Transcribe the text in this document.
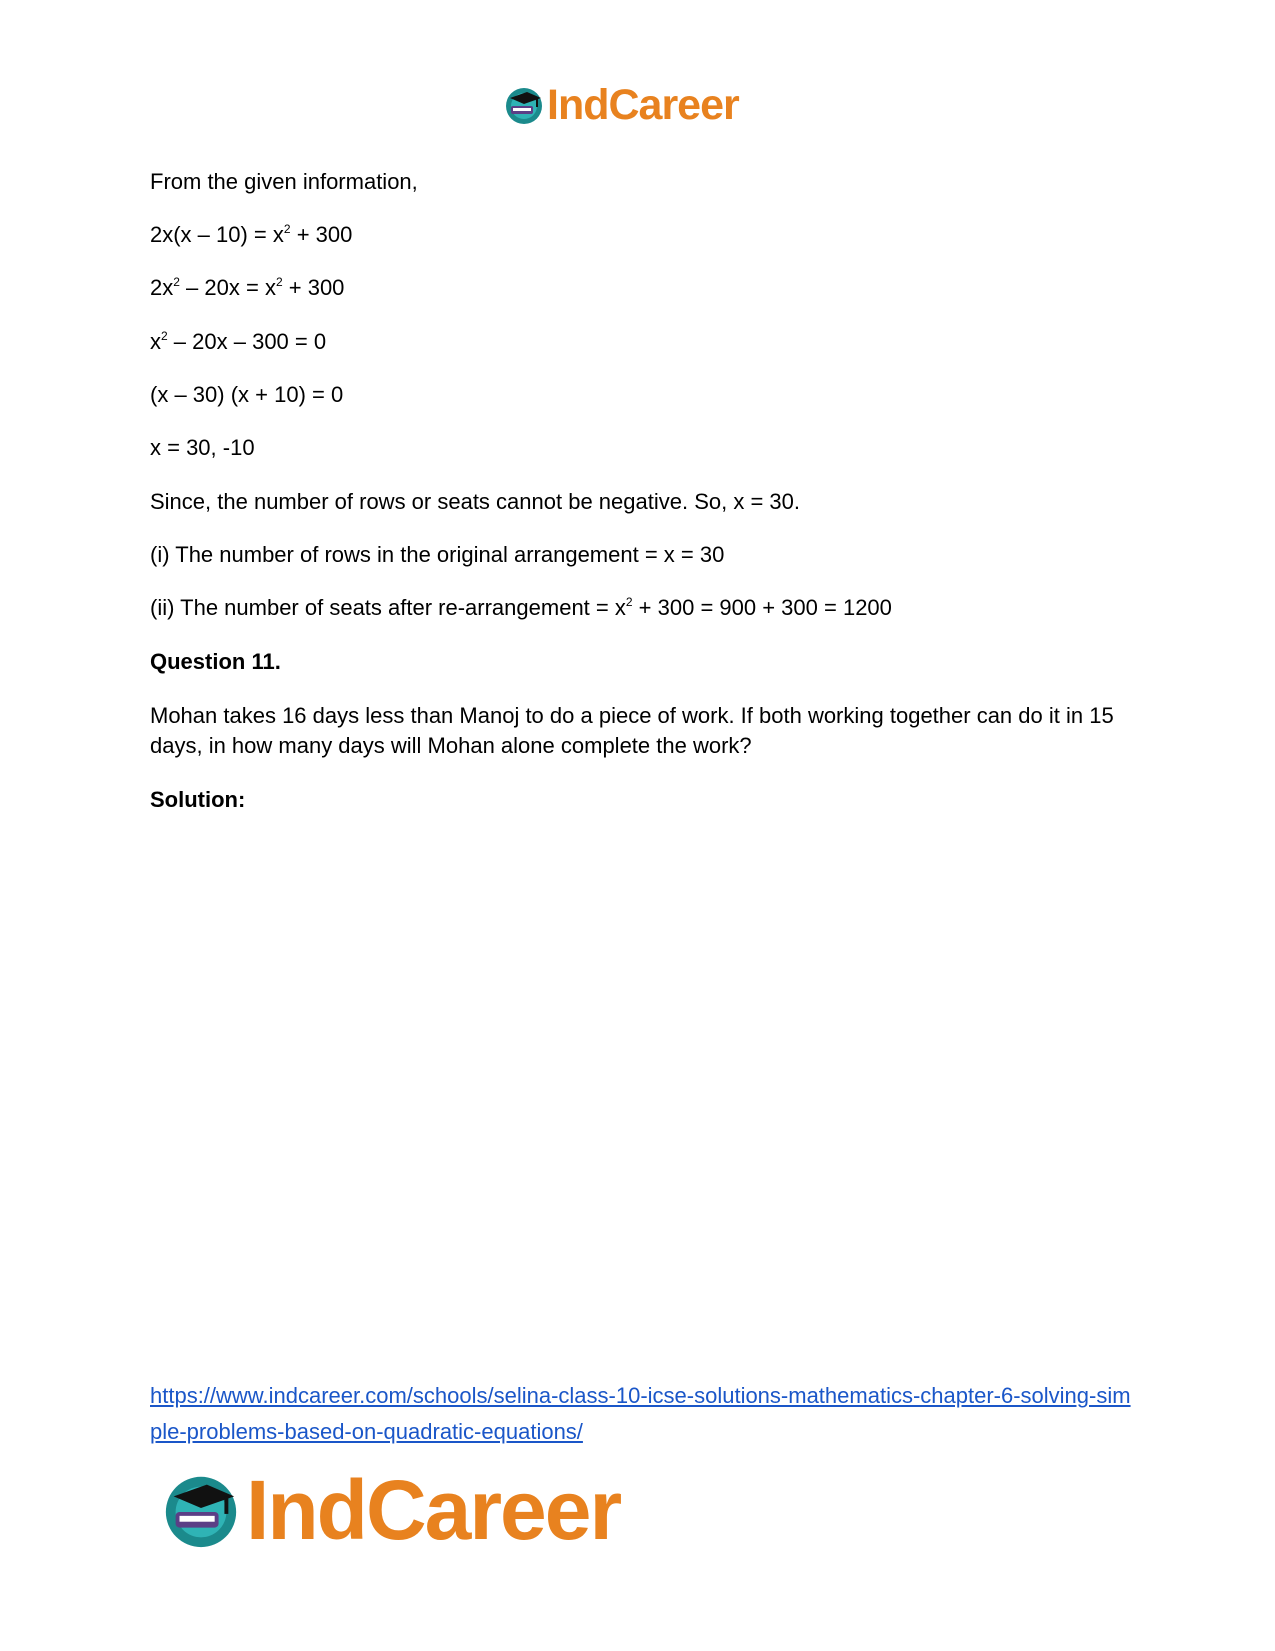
IndCareer
From the given information,
$2x(x - 10) = x^2 + 300$
$2x^2 - 20x = x^2 + 300$
$x^2 - 20x - 300 = 0$
(x – 30) (x + 10) = 0
x = 30, -10
Since, the number of rows or seats cannot be negative. So, x = 30.
(i) The number of rows in the original arrangement = x = 30
(ii) The number of seats after re-arrangement = $x^2 + 300 = 900 + 300 = 1200$
Question 11.
Mohan takes 16 days less than Manoj to do a piece of work. If both working together can do it in 15 days, in how many days will Mohan alone complete the work?
Solution:
https://www.indcareer.com/schools/selina-class-10-icse-solutions-mathematics-chapter-6-solving-simple-problems-based-on-quadratic-equations/
IndCareer
